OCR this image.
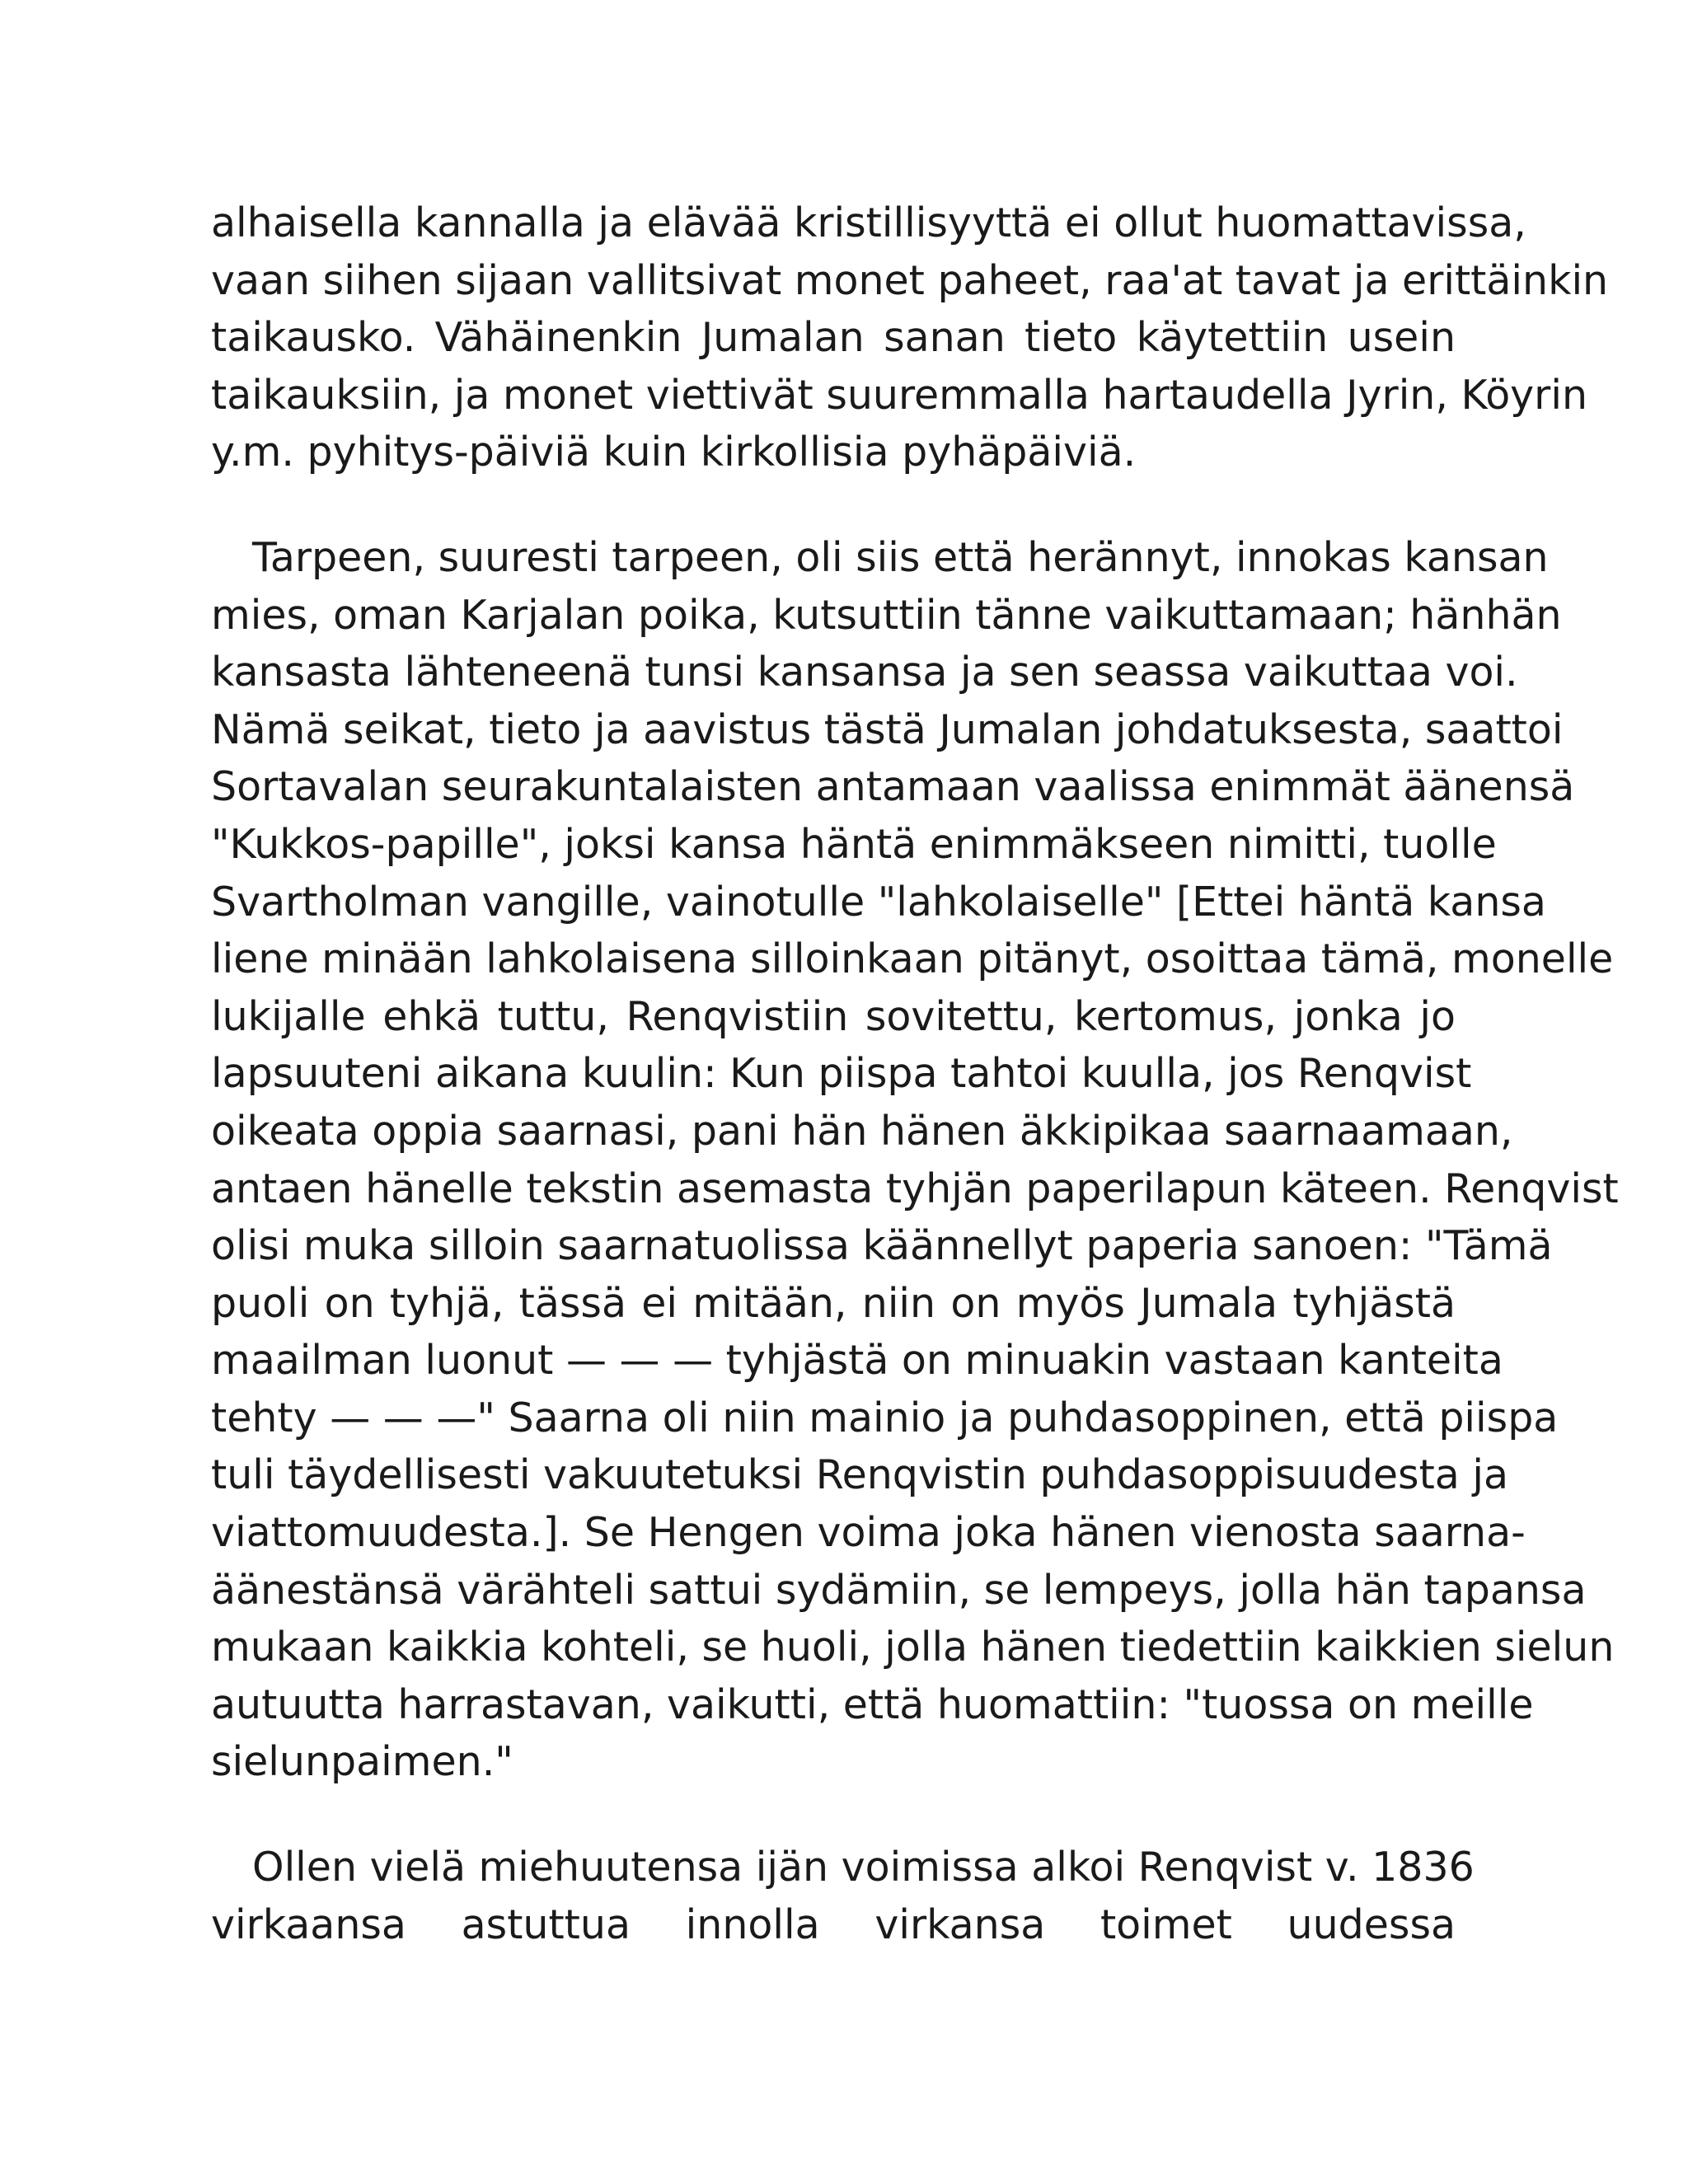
alhaisella kannalla ja elävää kristillisyyttä ei ollut huomattavissa,
vaan siihen sijaan vallitsivat monet paheet, raa'at tavat ja erittäinkin
taikausko. Vähäinenkin Jumalan sanan tieto käytettiin usein
taikauksiin, ja monet viettivät suuremmalla hartaudella Jyrin, Köyrin
y.m. pyhitys-päiviä kuin kirkollisia pyhäpäiviä.
Tarpeen, suuresti tarpeen, oli siis että herännyt, innokas kansan
mies, oman Karjalan poika, kutsuttiin tänne vaikuttamaan; hänhän
kansasta lähteneenä tunsi kansansa ja sen seassa vaikuttaa voi.
Nämä seikat, tieto ja aavistus tästä Jumalan johdatuksesta, saattoi
Sortavalan seurakuntalaisten antamaan vaalissa enimmät äänensä
"Kukkos-papille", joksi kansa häntä enimmäkseen nimitti, tuolle
Svartholman vangille, vainotulle "lahkolaiselle" [Ettei häntä kansa
liene minään lahkolaisena silloinkaan pitänyt, osoittaa tämä, monelle
lukijalle ehkä tuttu, Renqvistiin sovitettu, kertomus, jonka jo
lapsuuteni aikana kuulin: Kun piispa tahtoi kuulla, jos Renqvist
oikeata oppia saarnasi, pani hän hänen äkkipikaa saarnaamaan,
antaen hänelle tekstin asemasta tyhjän paperilapun käteen. Renqvist
olisi muka silloin saarnatuolissa käännellyt paperia sanoen: "Tämä
puoli on tyhjä, tässä ei mitään, niin on myös Jumala tyhjästä
maailman luonut — — — tyhjästä on minuakin vastaan kanteita
tehty — — —" Saarna oli niin mainio ja puhdasoppinen, että piispa
tuli täydellisesti vakuutetuksi Renqvistin puhdasoppisuudesta ja
viattomuudesta.]. Se Hengen voima joka hänen vienosta saarna-
äänestänsä värähteli sattui sydämiin, se lempeys, jolla hän tapansa
mukaan kaikkia kohteli, se huoli, jolla hänen tiedettiin kaikkien sielun
autuutta harrastavan, vaikutti, että huomattiin: "tuossa on meille
sielunpaimen."
Ollen vielä miehuutensa ijän voimissa alkoi Renqvist v. 1836
virkaansa astuttua innolla virkansa toimet uudessa
